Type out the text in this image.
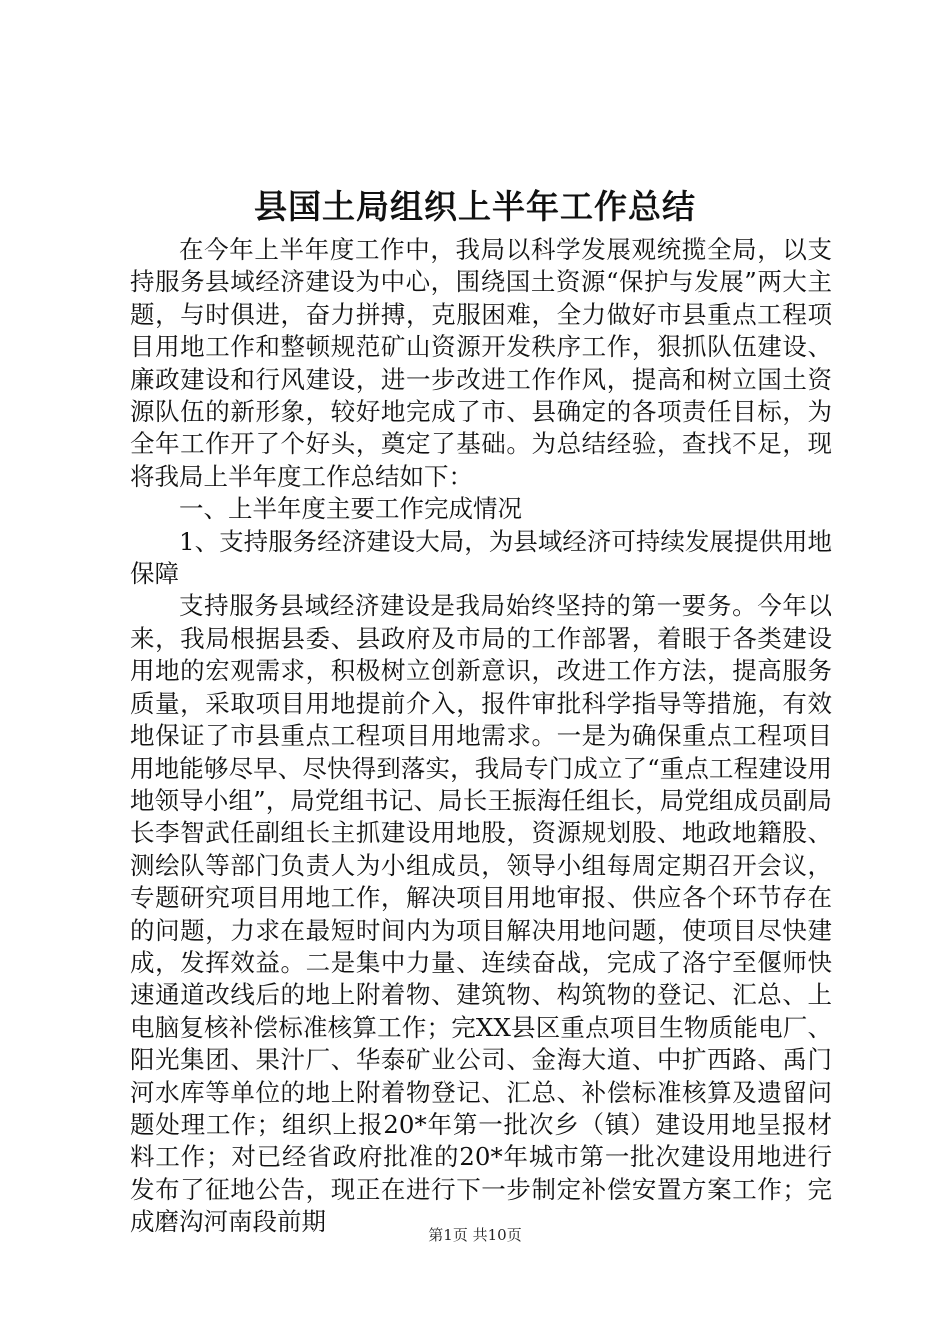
县国土局组织上半年工作总结

在今年上半年度工作中，我局以科学发展观统揽全局，以支持服务县域经济建设为中心，围绕国土资源“保护与发展”两大主题，与时俱进，奋力拼搏，克服困难，全力做好市县重点工程项目用地工作和整顿规范矿山资源开发秩序工作，狠抓队伍建设、廉政建设和行风建设，进一步改进工作作风，提高和树立国土资源队伍的新形象，较好地完成了市、县确定的各项责任目标，为全年工作开了个好头，奠定了基础。为总结经验，查找不足，现将我局上半年度工作总结如下：

一、上半年度主要工作完成情况

1、支持服务经济建设大局，为县域经济可持续发展提供用地保障

支持服务县域经济建设是我局始终坚持的第一要务。今年以来，我局根据县委、县政府及市局的工作部署，着眼于各类建设用地的宏观需求，积极树立创新意识，改进工作方法，提高服务质量，采取项目用地提前介入，报件审批科学指导等措施，有效地保证了市县重点工程项目用地需求。一是为确保重点工程项目用地能够尽早、尽快得到落实，我局专门成立了“重点工程建设用地领导小组”，局党组书记、局长王振海任组长，局党组成员副局长李智武任副组长主抓建设用地股，资源规划股、地政地籍股、测绘队等部门负责人为小组成员，领导小组每周定期召开会议，专题研究项目用地工作，解决项目用地审报、供应各个环节存在的问题，力求在最短时间内为项目解决用地问题，使项目尽快建成，发挥效益。二是集中力量、连续奋战，完成了洛宁至偃师快速通道改线后的地上附着物、建筑物、构筑物的登记、汇总、上电脑复核补偿标准核算工作；完XX县区重点项目生物质能电厂、阳光集团、果汁厂、华泰矿业公司、金海大道、中扩西路、禹门河水库等单位的地上附着物登记、汇总、补偿标准核算及遗留问题处理工作；组织上报20*年第一批次乡（镇）建设用地呈报材料工作；对已经省政府批准的20*年城市第一批次建设用地进行发布了征地公告，现正在进行下一步制定补偿安置方案工作；完成磨沟河南段前期	第1页 共10页
